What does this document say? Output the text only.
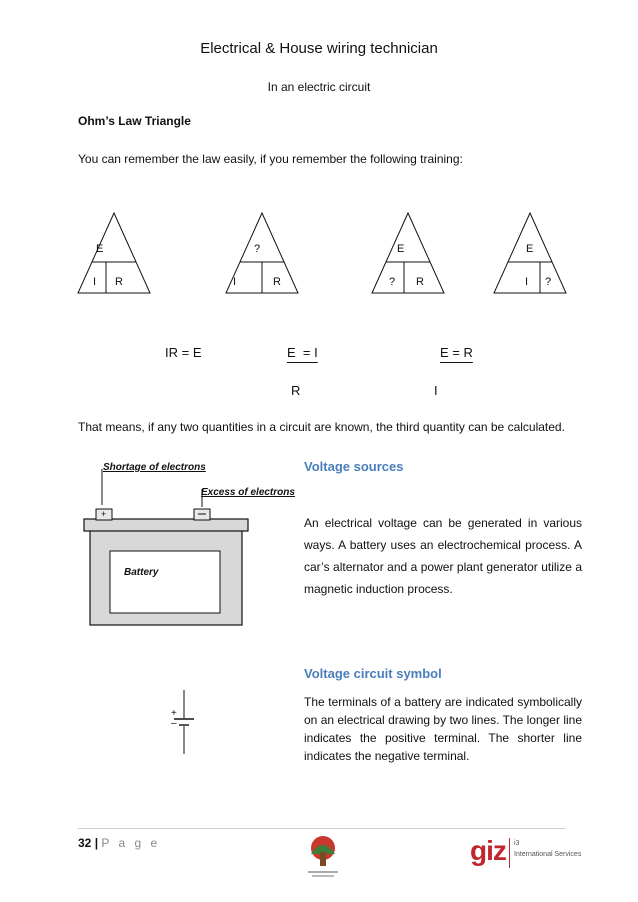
Electrical & House wiring technician
In an electric circuit
Ohm’s Law Triangle
You can remember the law easily, if you remember the following training:
E
I R
?
I	R
E
? R
E
I ?
IR = E	E  = I
R
E = R
I
That means, if any two quantities in a circuit are known, the third quantity can be calculated.
Shortage of electrons
Excess of electrons
Battery
+
Voltage sources
An electrical voltage can be generated in various ways. A battery uses an electrochemical process. A car’s alternator and a power plant generator utilize a magnetic induction process.
Voltage circuit symbol
The terminals of a battery are indicated symbolically on an electrical drawing by two lines. The longer line indicates the positive terminal. The shorter line indicates the negative terminal.
+
–
32 | P a g e	giz i3
International Services
